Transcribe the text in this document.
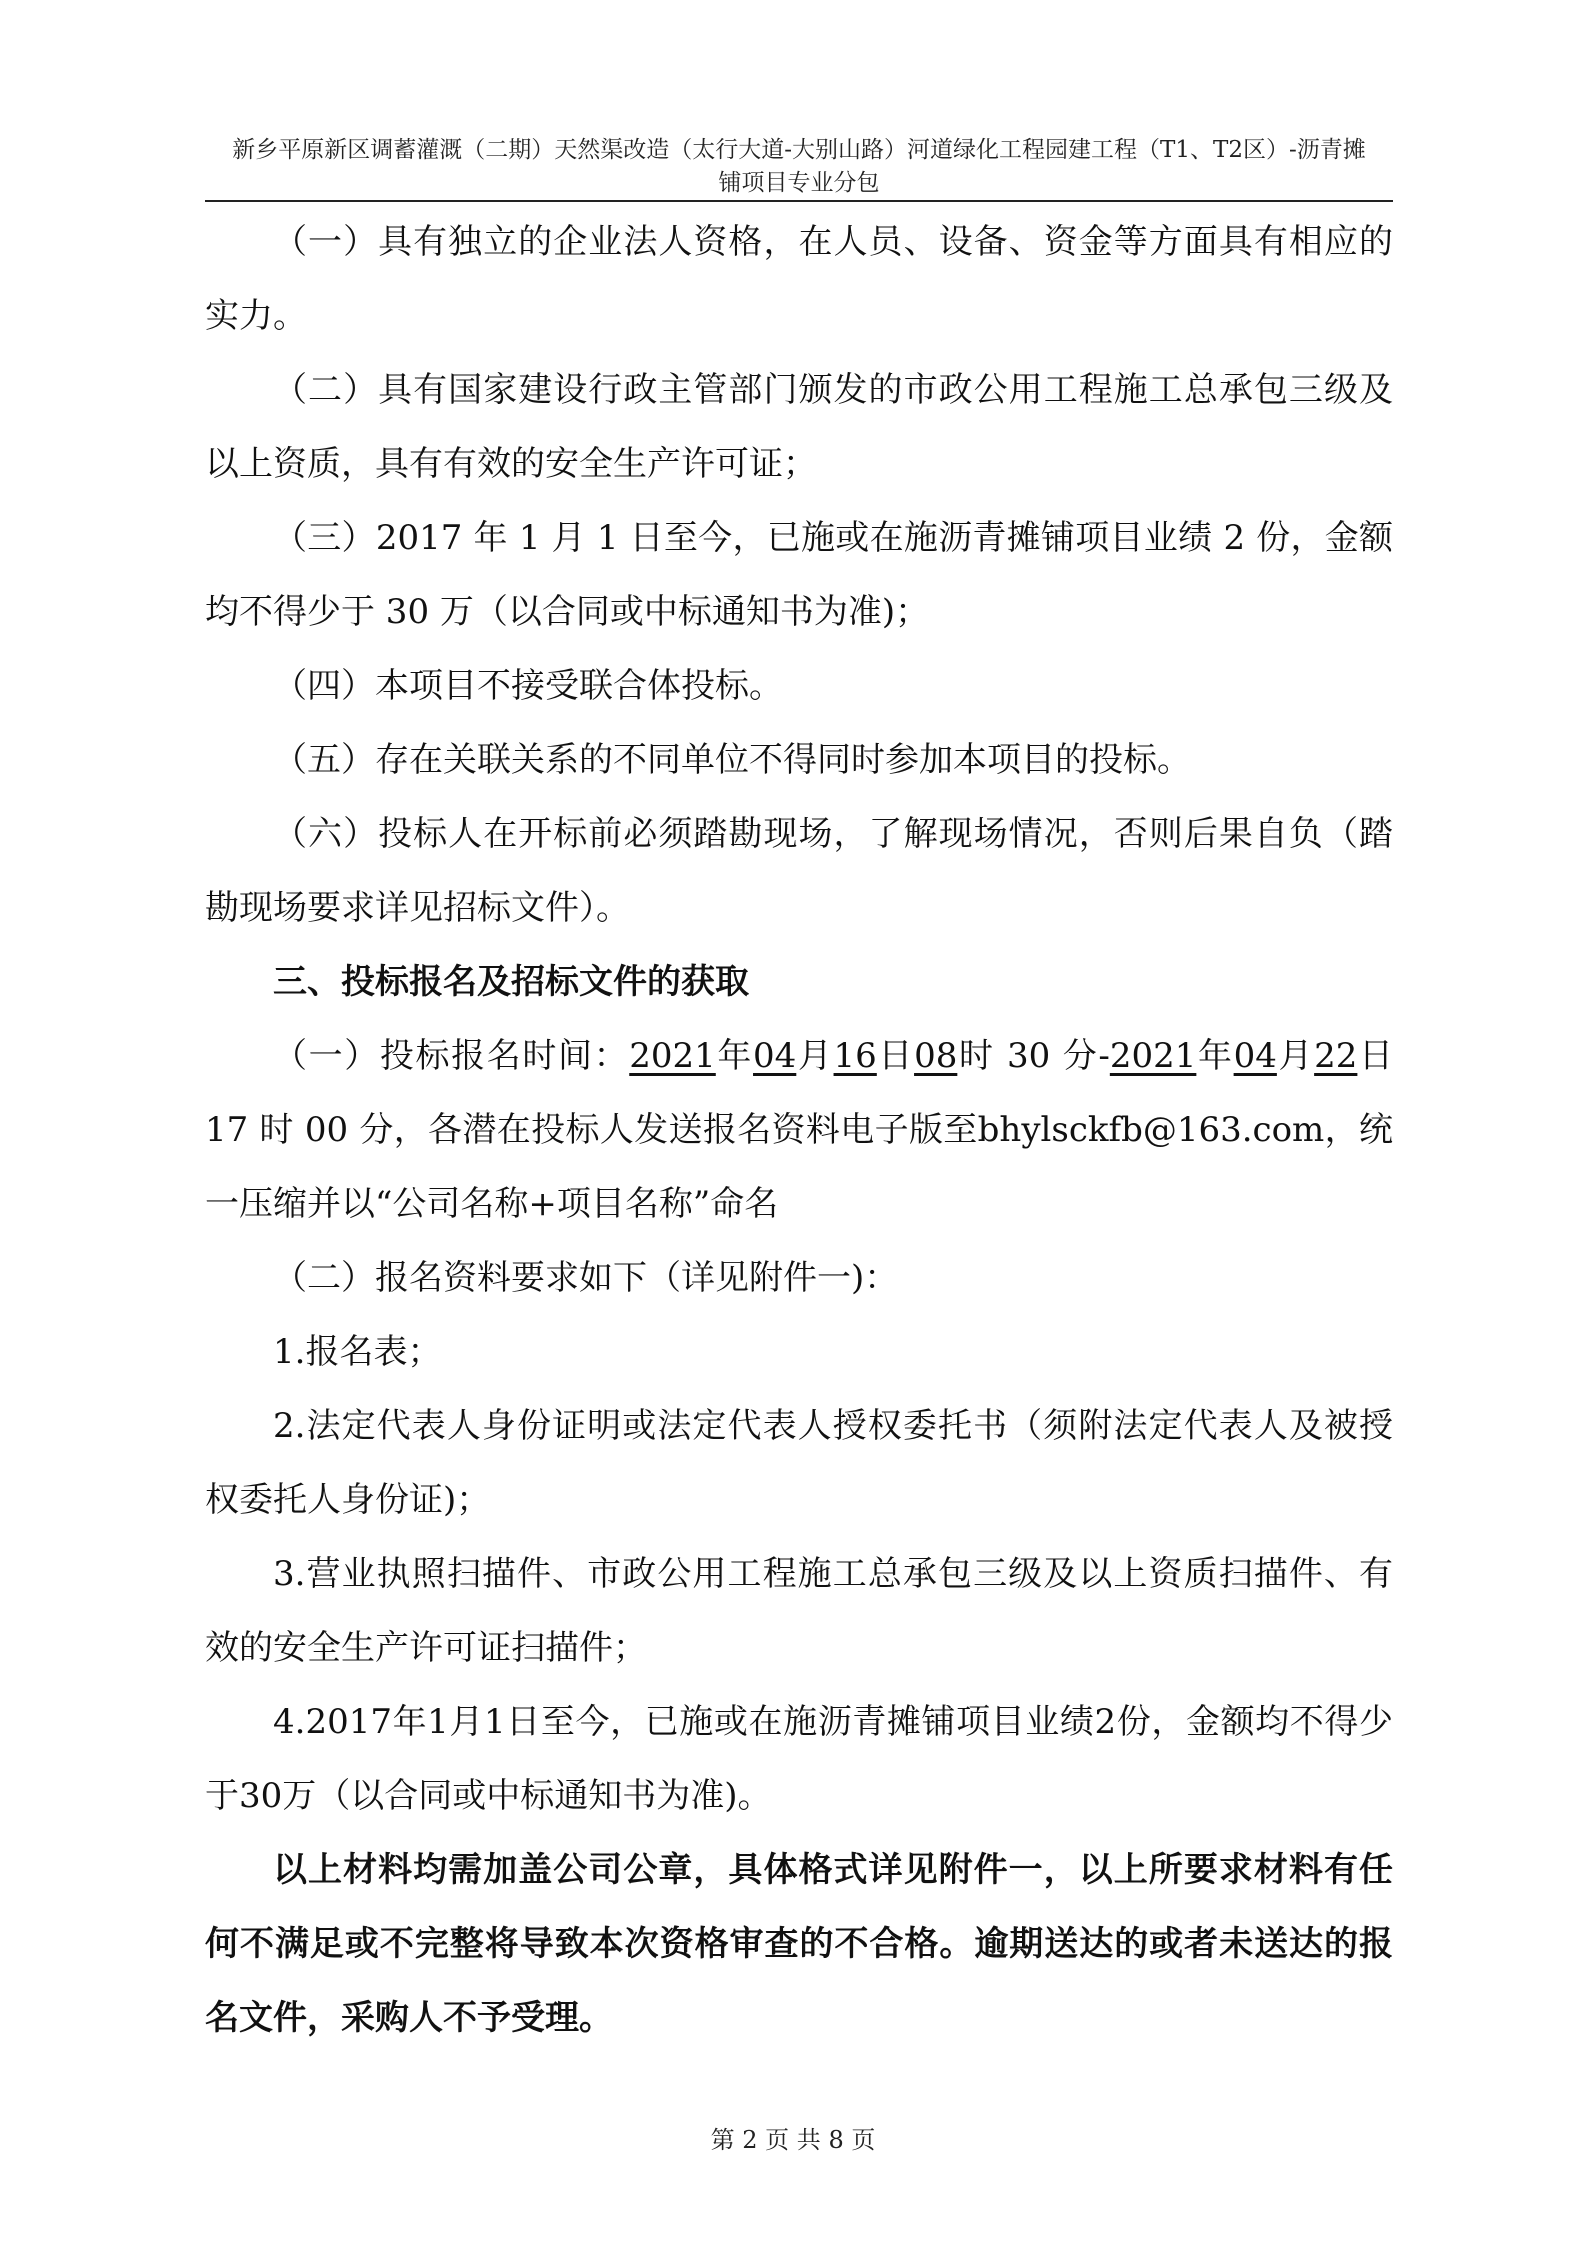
新乡平原新区调蓄灌溉（二期）天然渠改造（太行大道-大别山路）河道绿化工程园建工程（T1、T2区）-沥青摊
铺项目专业分包

（一）具有独立的企业法人资格，在人员、设备、资金等方面具有相应的实力。

（二）具有国家建设行政主管部门颁发的市政公用工程施工总承包三级及以上资质，具有有效的安全生产许可证；

（三）2017 年 1 月 1 日至今，已施或在施沥青摊铺项目业绩 2 份，金额均不得少于 30 万（以合同或中标通知书为准)；

（四）本项目不接受联合体投标。

（五）存在关联关系的不同单位不得同时参加本项目的投标。

（六）投标人在开标前必须踏勘现场，了解现场情况，否则后果自负（踏勘现场要求详见招标文件）。

三、投标报名及招标文件的获取

（一）投标报名时间：2021年04月16日08时 30 分-2021年04月22日 17 时 00 分，各潜在投标人发送报名资料电子版至bhylsckfb@163.com，统一压缩并以“公司名称+项目名称”命名

（二）报名资料要求如下（详见附件一)：

1.报名表；

2.法定代表人身份证明或法定代表人授权委托书（须附法定代表人及被授权委托人身份证)；

3.营业执照扫描件、市政公用工程施工总承包三级及以上资质扫描件、有效的安全生产许可证扫描件；

4.2017年1月1日至今，已施或在施沥青摊铺项目业绩2份，金额均不得少于30万（以合同或中标通知书为准)。

以上材料均需加盖公司公章，具体格式详见附件一，以上所要求材料有任何不满足或不完整将导致本次资格审查的不合格。逾期送达的或者未送达的报名文件，采购人不予受理。

第 2 页 共 8 页
